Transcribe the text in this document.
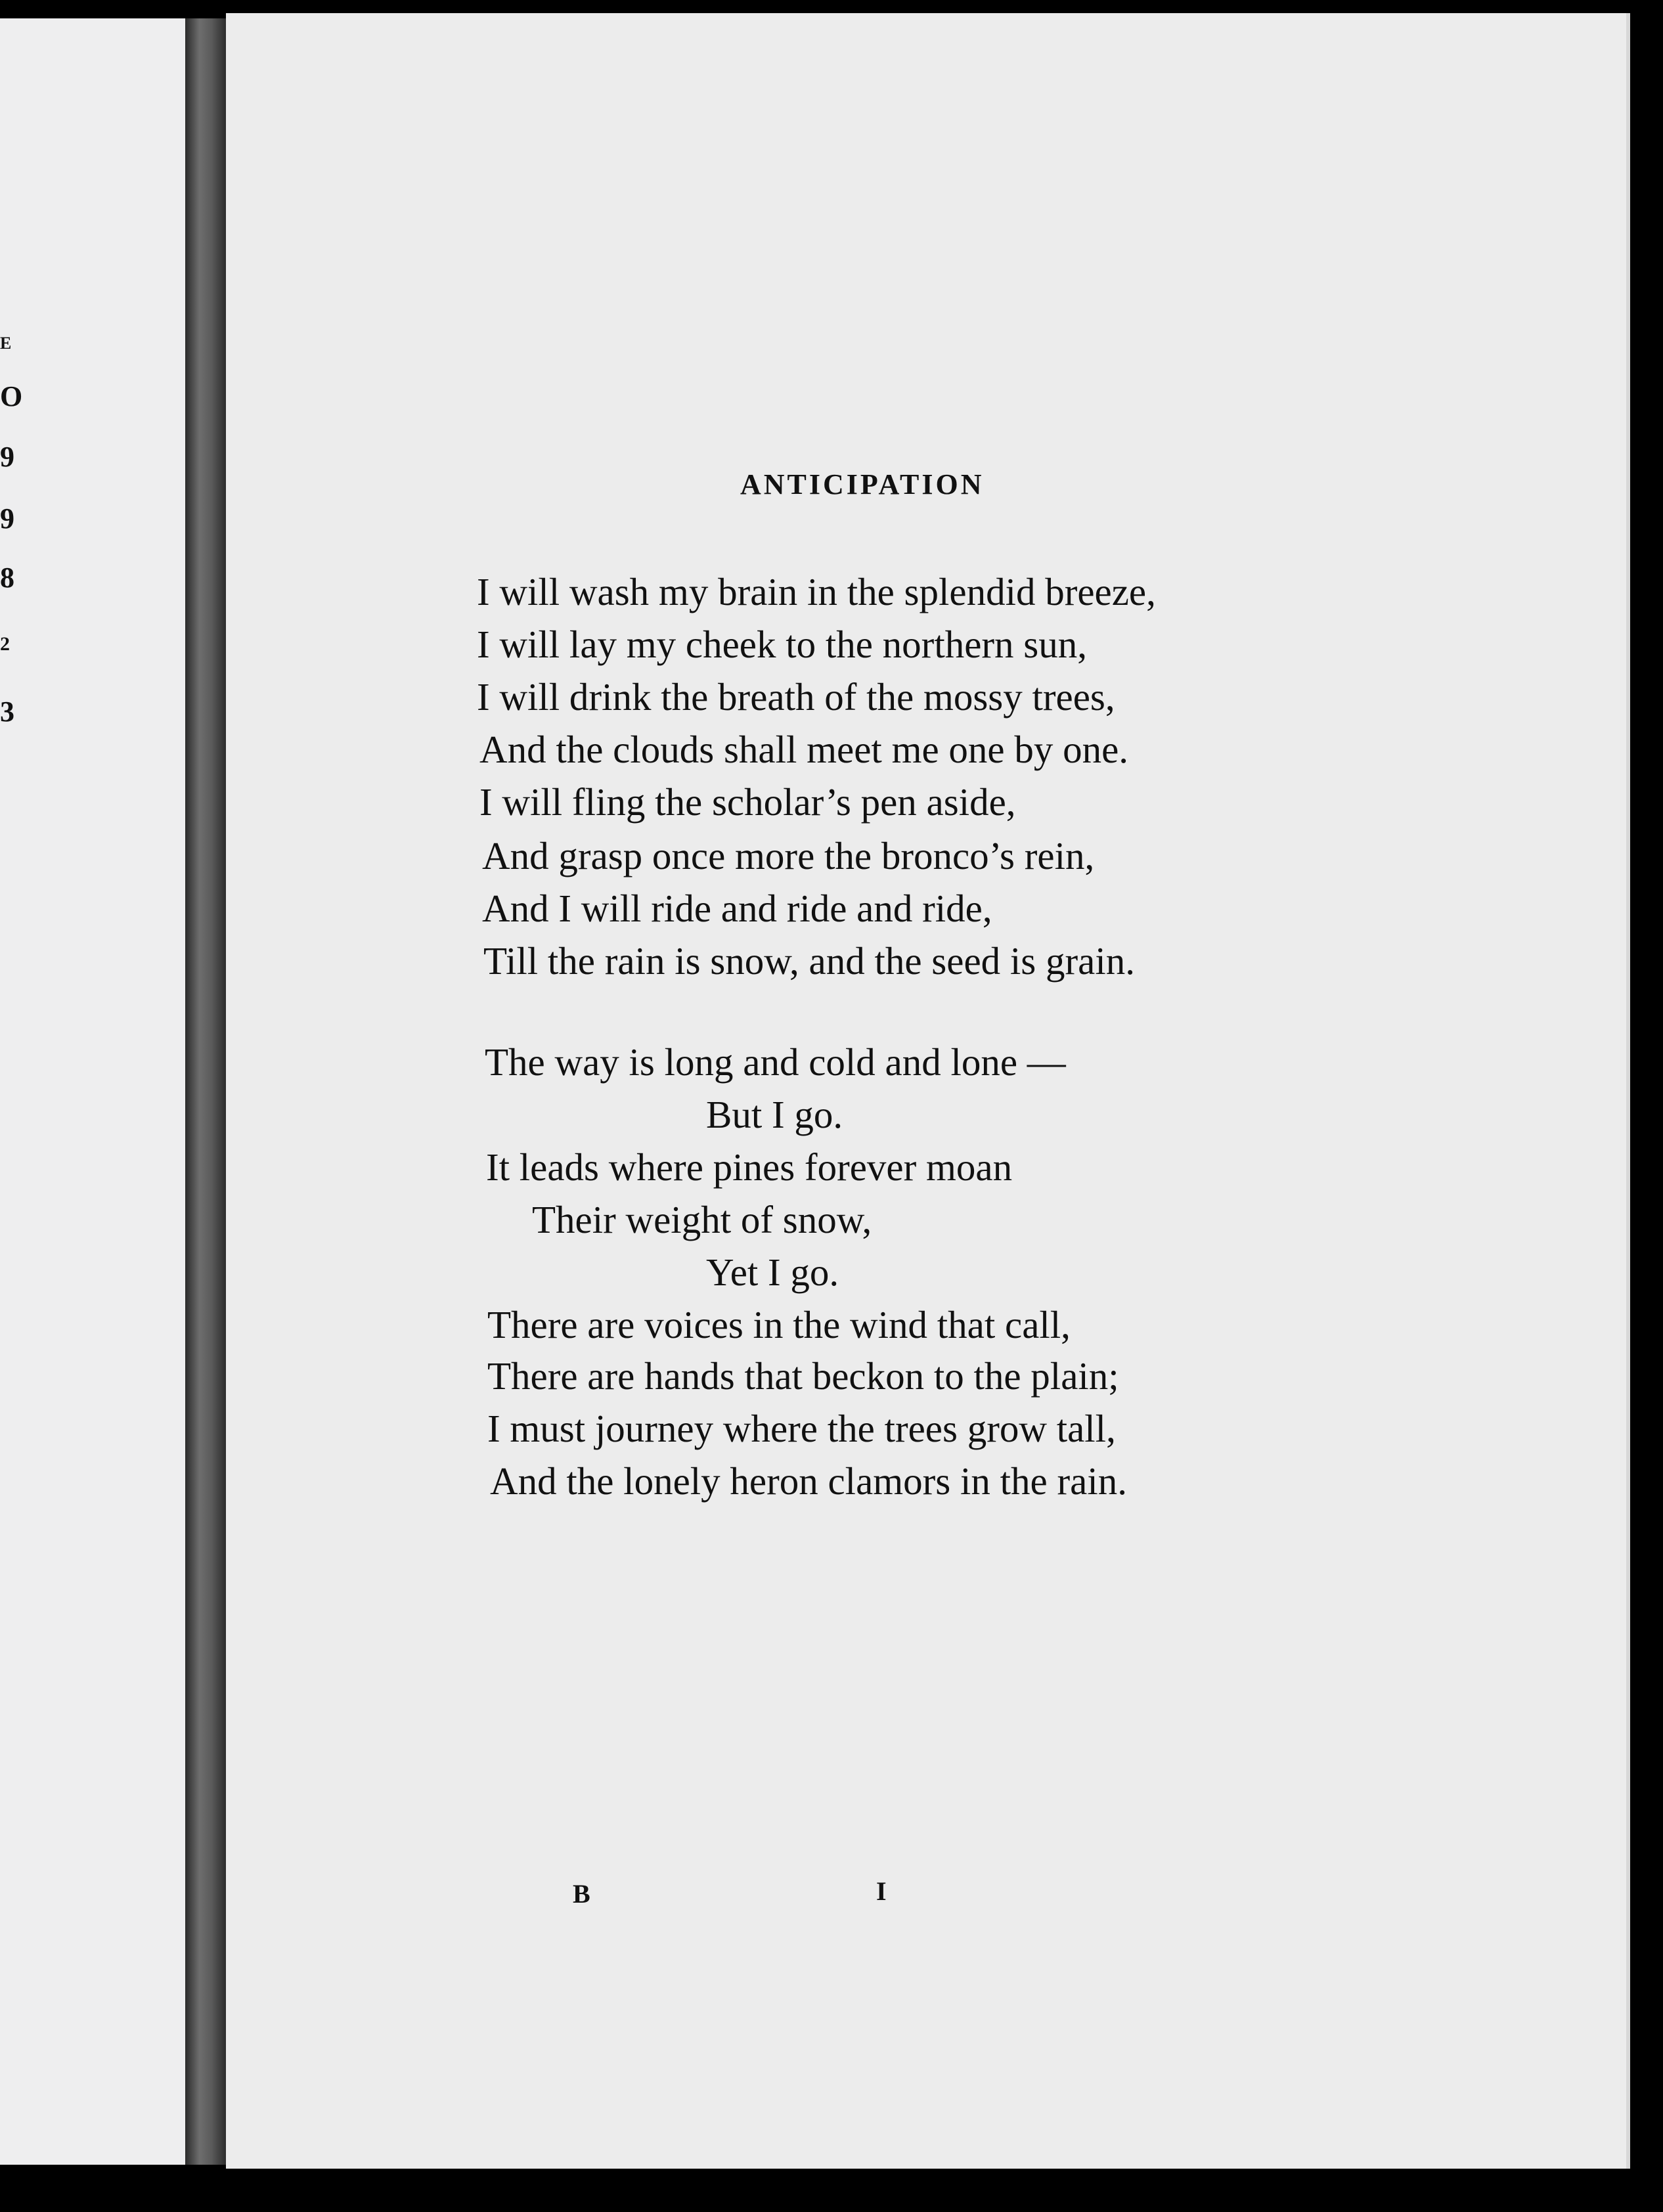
E
O
9
9
8
2
3
ANTICIPATION
I will wash my brain in the splendid breeze,
I will lay my cheek to the northern sun,
I will drink the breath of the mossy trees,
And the clouds shall meet me one by one.
I will fling the scholar’s pen aside,
And grasp once more the bronco’s rein,
And I will ride and ride and ride,
Till the rain is snow, and the seed is grain.
The way is long and cold and lone —
But I go.
It leads where pines forever moan
Their weight of snow,
Yet I go.
There are voices in the wind that call,
There are hands that beckon to the plain;
I must journey where the trees grow tall,
And the lonely heron clamors in the rain.
B	I
